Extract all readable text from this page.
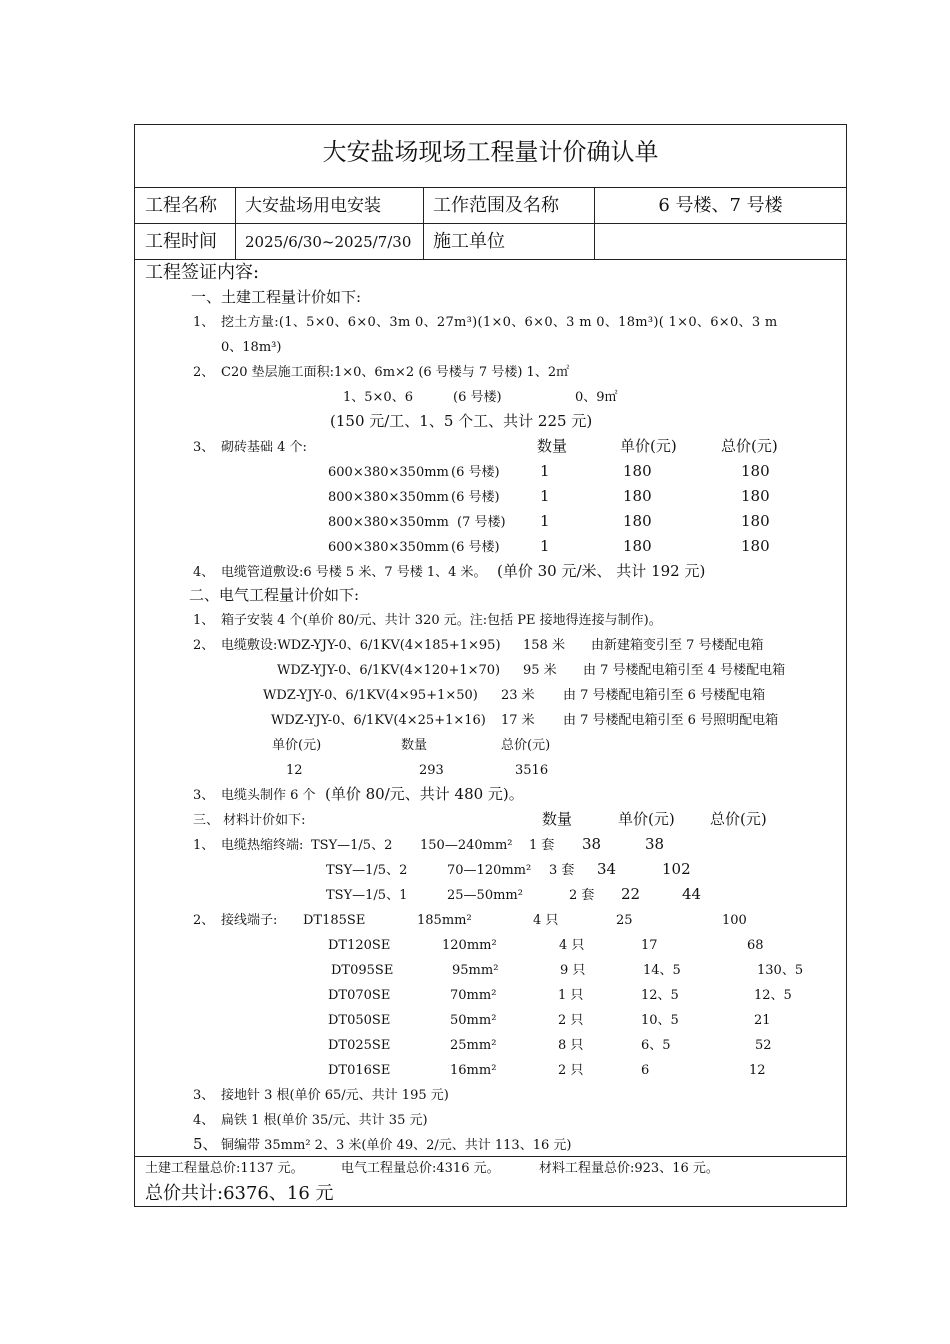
大安盐场现场工程量计价确认单
工程名称 大安盐场用电安装	工作范围及名称	6 号楼、7 号楼
工程时间 2025/6/30~2025/7/30 施工单位
工程签证内容:
一、土建工程量计价如下:
1、 挖土方量:(1、5×0、6×0、3m 0、27m³)(1×0、6×0、3 m 0、18m³)( 1×0、6×0、3 m
0、18m³)
2、 C20 垫层施工面积:1×0、6m×2 (6 号楼与 7 号楼) 1、2㎡
1、5×0、6	(6 号楼)	0、9㎡
(150 元/工、1、5 个工、共计 225 元)
3、 砌砖基础 4 个:	数量	单价(元)	总价(元)
600×380×350mm (6 号楼)	1	180	180
800×380×350mm (6 号楼)	1	180	180
800×380×350mm (7 号楼) 1	180	180
600×380×350mm (6 号楼)	1	180	180
4、 电缆管道敷设:6 号楼 5 米、7 号楼 1、4 米。 (单价 30 元/米、 共计 192 元)
二、电气工程量计价如下:
1、 箱子安装 4 个(单价 80/元、共计 320 元。注:包括 PE 接地得连接与制作)。
2、 电缆敷设:WDZ-YJY-0、6/1KV(4×185+1×95) 158 米 由新建箱变引至 7 号楼配电箱
WDZ-YJY-0、6/1KV(4×120+1×70) 95 米 由 7 号楼配电箱引至 4 号楼配电箱
WDZ-YJY-0、6/1KV(4×95+1×50) 23 米 由 7 号楼配电箱引至 6 号楼配电箱
WDZ-YJY-0、6/1KV(4×25+1×16) 17 米 由 7 号楼配电箱引至 6 号照明配电箱
单价(元)	数量	总价(元)
12	293	3516
3、 电缆头制作 6 个 (单价 80/元、共计 480 元)。
三、 材料计价如下:	数量	单价(元) 总价(元)
1、 电缆热缩终端: TSY—1/5、2 150—240mm² 1 套 38	38
TSY—1/5、2	70—120mm² 3 套 34	102
TSY—1/5、1	25—50mm²	2 套 22	44
2、 接线端子: DT185SE	185mm²	4 只	25	100
DT120SE	120mm²	4 只	17	68
DT095SE	95mm²	9 只	14、5	130、5
DT070SE	70mm²	1 只	12、5	12、5
DT050SE	50mm²	2 只	10、5	21
DT025SE	25mm²	8 只	6、5	52
DT016SE	16mm²	2 只	6	12
3、 接地针 3 根(单价 65/元、共计 195 元)
4、 扁铁 1 根(单价 35/元、共计 35 元)
5、 铜编带 35mm² 2、3 米(单价 49、2/元、共计 113、16 元)
土建工程量总价:1137 元。	电气工程量总价:4316 元。	材料工程量总价:923、16 元。
总价共计:6376、16 元
